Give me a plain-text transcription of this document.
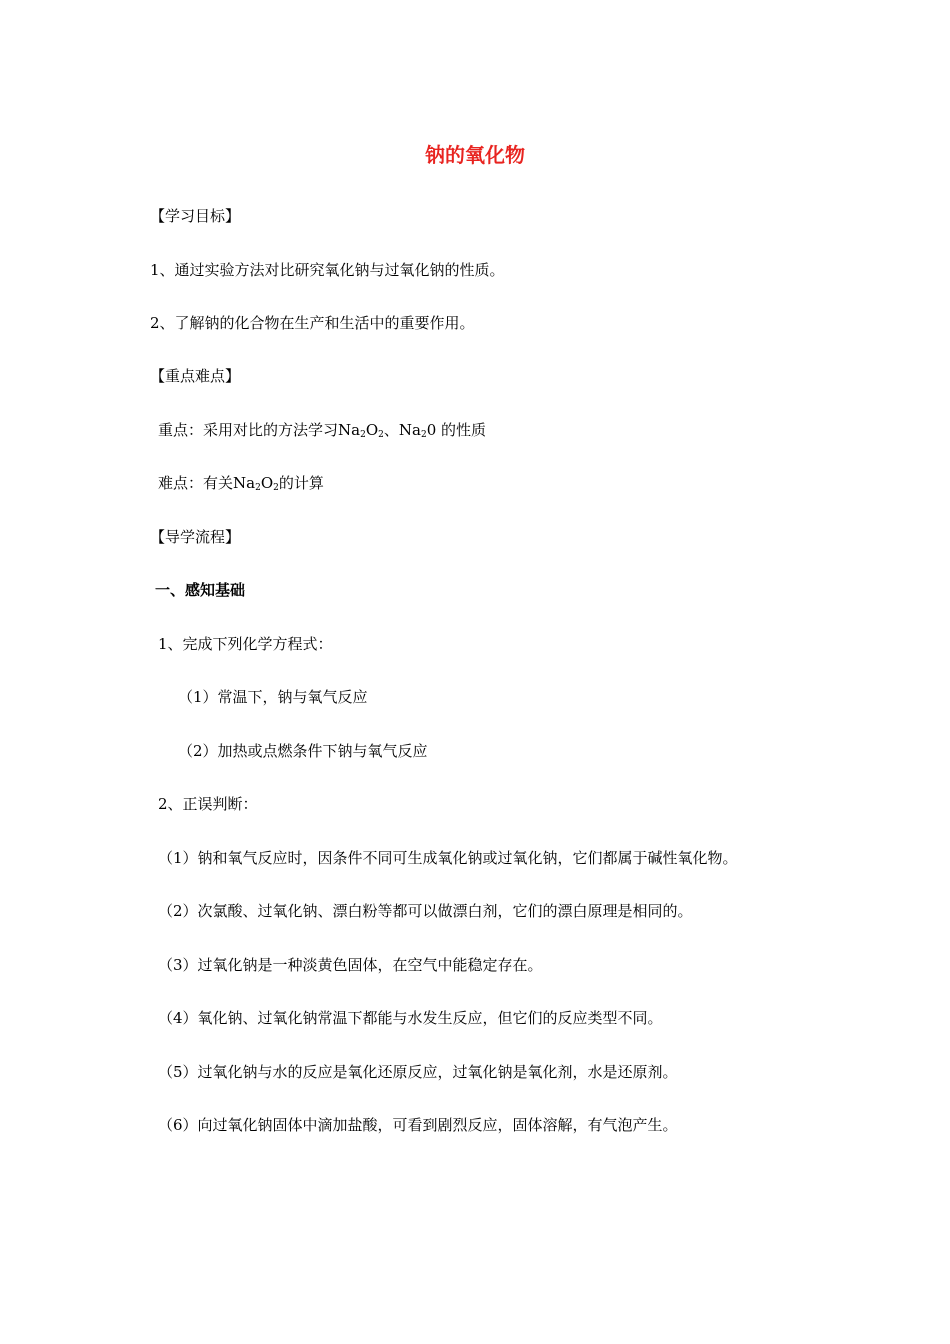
钠的氧化物
【学习目标】
1、通过实验方法对比研究氧化钠与过氧化钠的性质。
2、了解钠的化合物在生产和生活中的重要作用。
【重点难点】
重点：采用对比的方法学习$Na_2O_2$、$Na_20$ 的性质
难点：有关$Na_2O_2$的计算
【导学流程】
一、感知基础
1、完成下列化学方程式：
（1）常温下，钠与氧气反应
（2）加热或点燃条件下钠与氧气反应
2、正误判断：
（1）钠和氧气反应时，因条件不同可生成氧化钠或过氧化钠，它们都属于碱性氧化物。
（2）次氯酸、过氧化钠、漂白粉等都可以做漂白剂，它们的漂白原理是相同的。
（3）过氧化钠是一种淡黄色固体，在空气中能稳定存在。
（4）氧化钠、过氧化钠常温下都能与水发生反应，但它们的反应类型不同。
（5）过氧化钠与水的反应是氧化还原反应，过氧化钠是氧化剂，水是还原剂。
（6）向过氧化钠固体中滴加盐酸，可看到剧烈反应，固体溶解，有气泡产生。
